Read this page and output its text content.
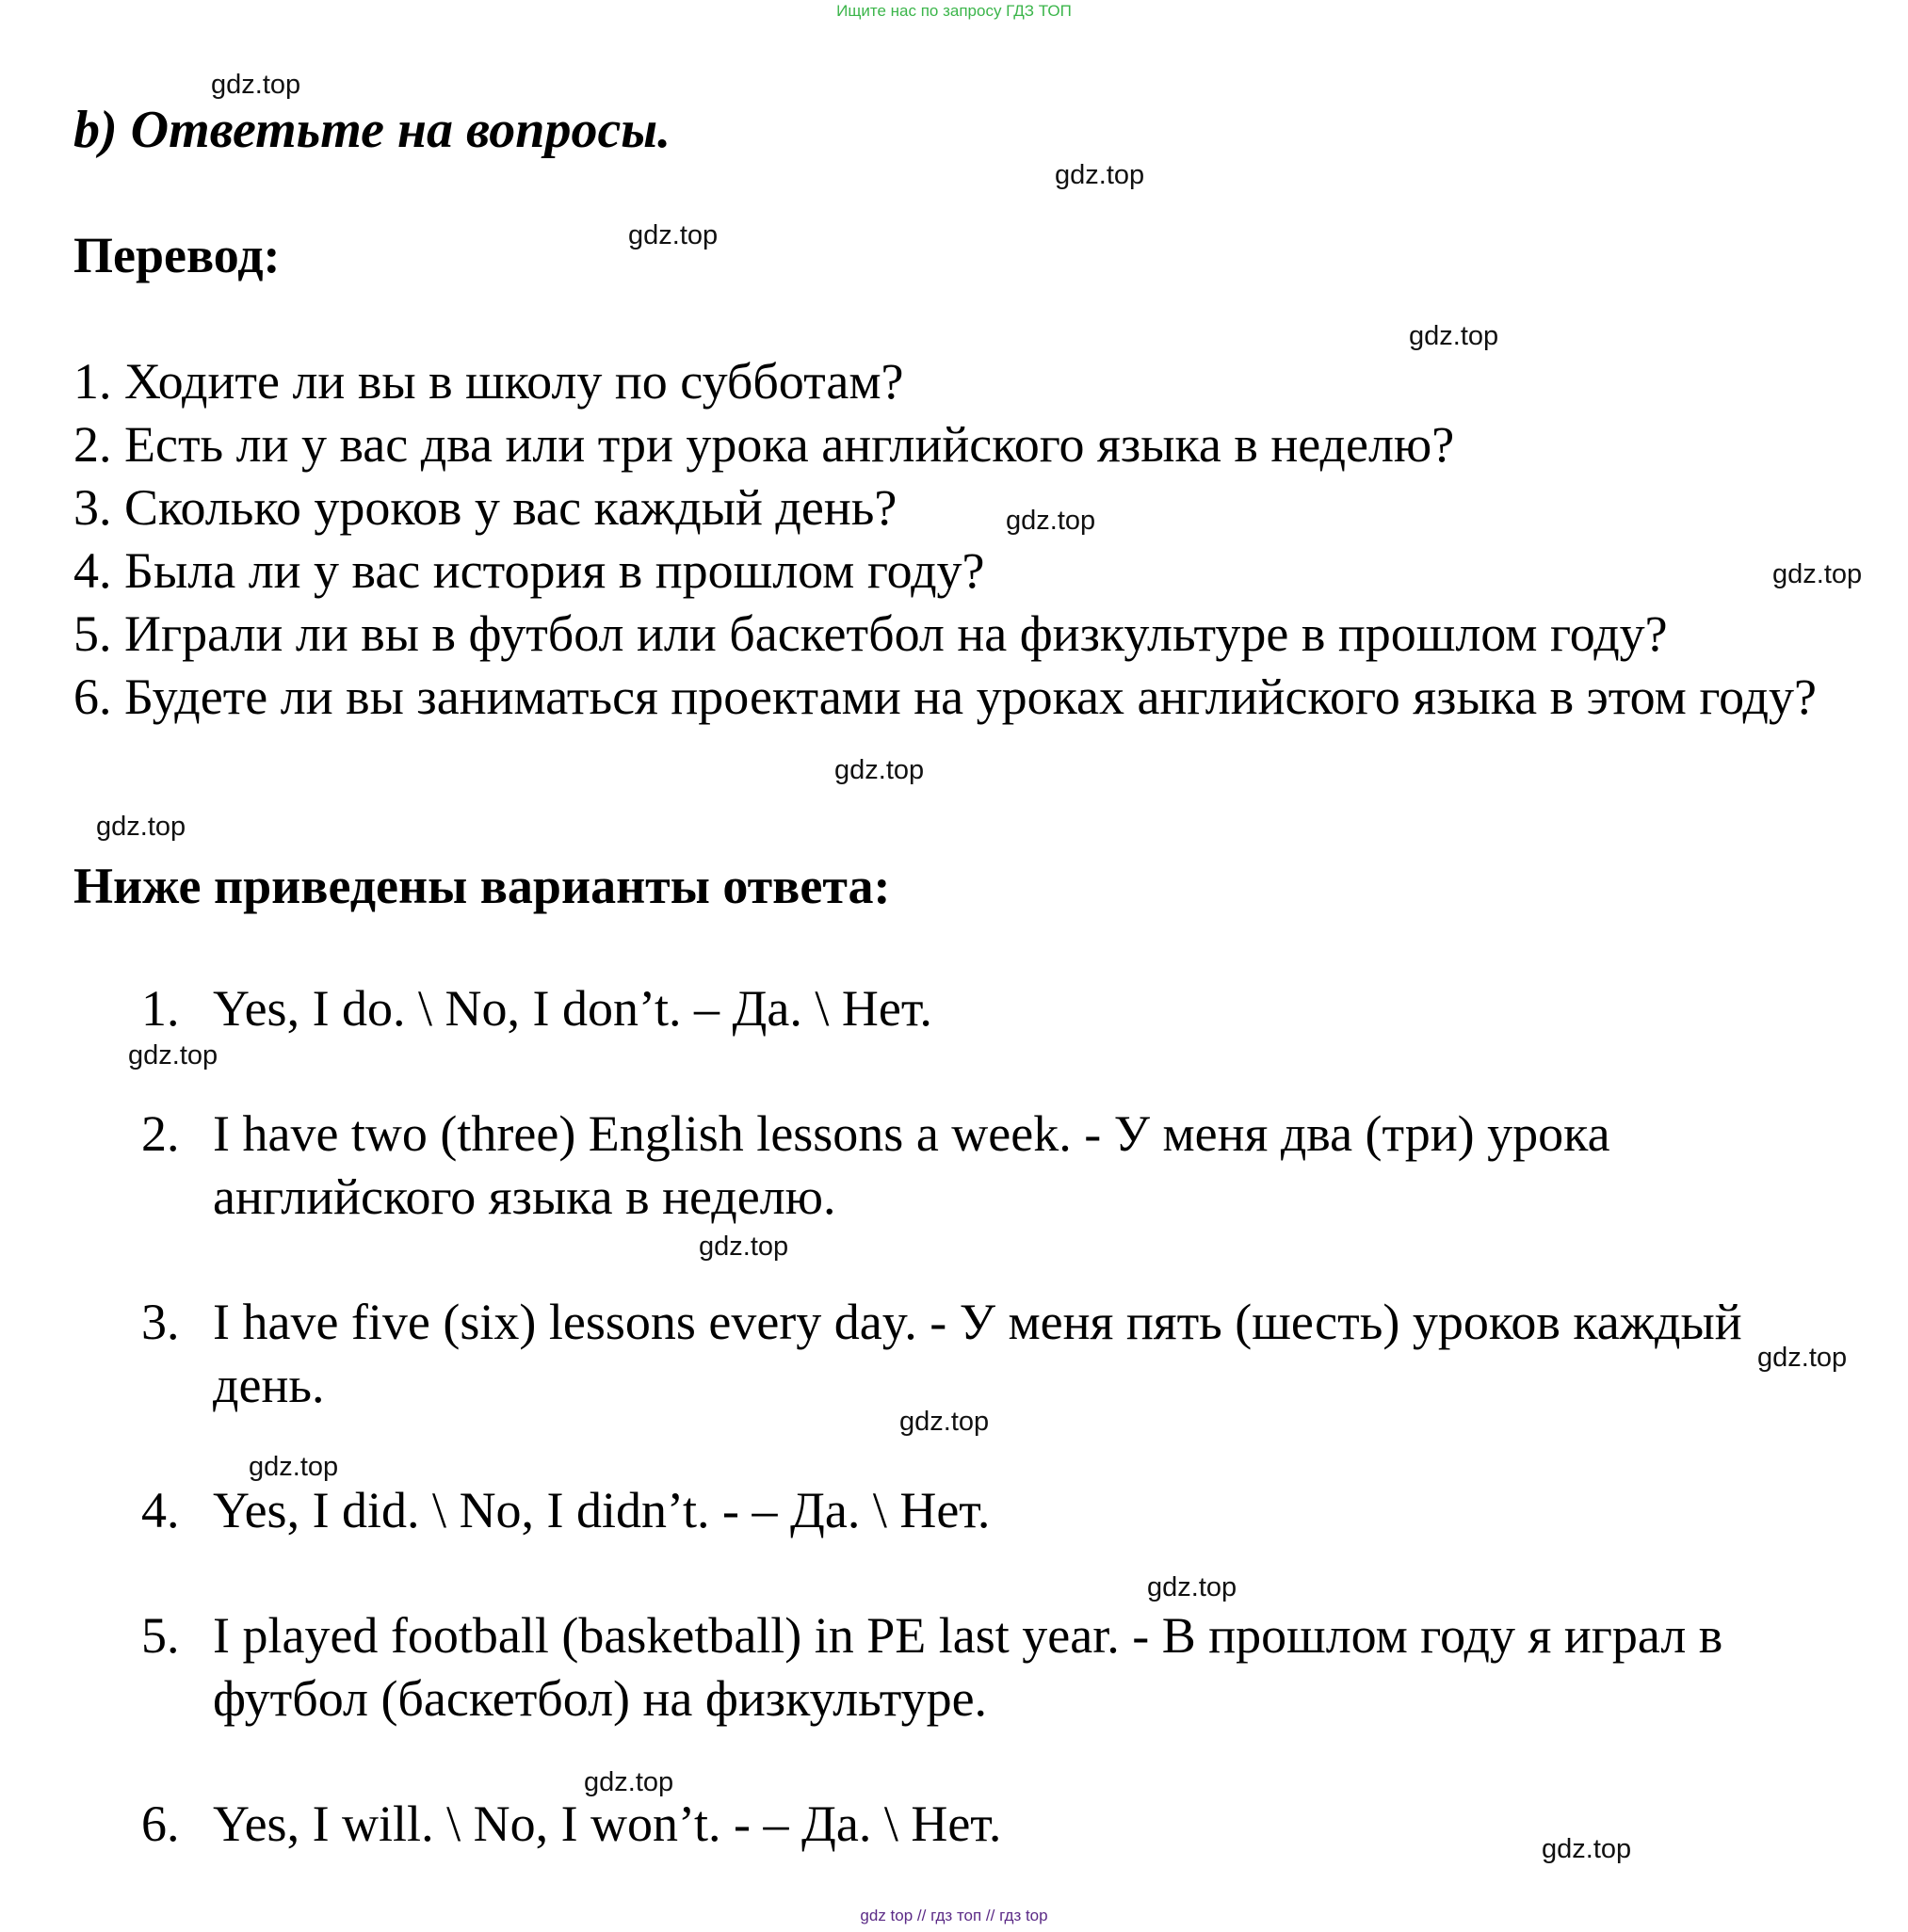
Ищите нас по запросу ГДЗ ТОП
gdz.top
b) Ответьте на вопросы.
gdz.top
gdz.top
Перевод:
gdz.top
1. Ходите ли вы в школу по субботам?
2. Есть ли у вас два или три урока английского языка в неделю?
3. Сколько уроков у вас каждый день?
4. Была ли у вас история в прошлом году?
5. Играли ли вы в футбол или баскетбол на физкультуре в прошлом году?
6. Будете ли вы заниматься проектами на уроках английского языка в этом году?
gdz.top
gdz.top
gdz.top
gdz.top
Ниже приведены варианты ответа:
1. Yes, I do. \ No, I don’t. – Да. \ Нет.
2. I have two (three) English lessons a week. - У меня два (три) урока английского языка в неделю.
3. I have five (six) lessons every day. - У меня пять (шесть) уроков каждый день.
4. Yes, I did. \ No, I didn’t. - – Да. \ Нет.
5. I played football (basketball) in PE last year. - В прошлом году я играл в футбол (баскетбол) на физкультуре.
6. Yes, I will. \ No, I won’t. - – Да. \ Нет.
gdz.top
gdz.top
gdz.top
gdz.top
gdz.top
gdz.top
gdz.top
gdz.top
gdz top // гдз топ // гдз top
